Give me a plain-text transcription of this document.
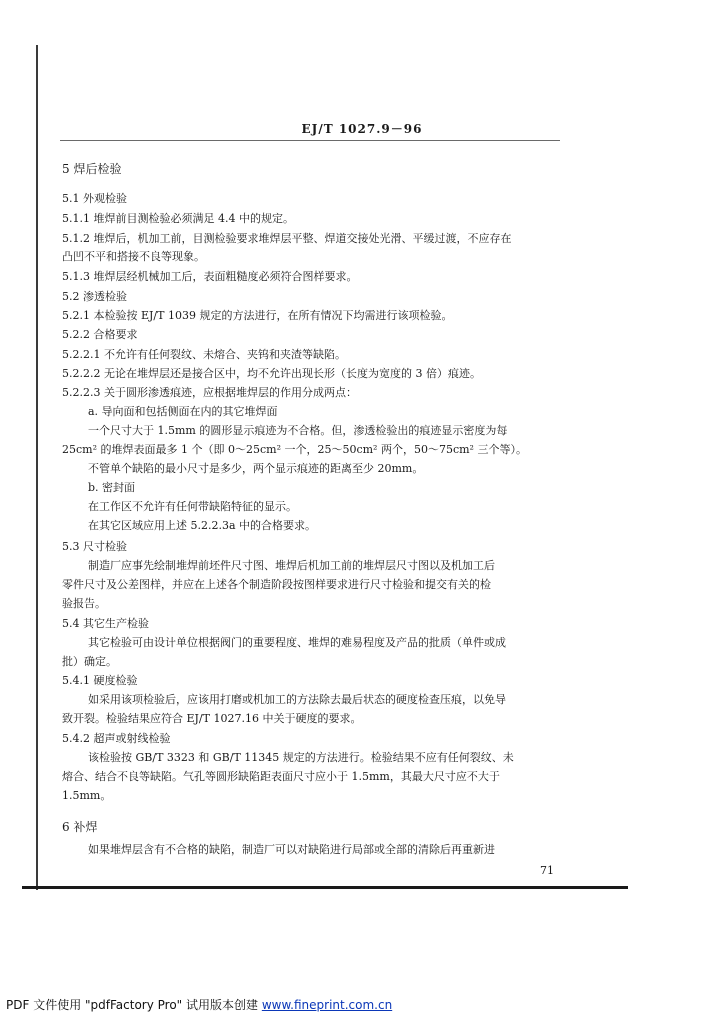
EJ/T 1027.9－96
5 焊后检验
5.1 外观检验
5.1.1 堆焊前目测检验必须满足 4.4 中的规定。
5.1.2 堆焊后，机加工前，目测检验要求堆焊层平整、焊道交接处光滑、平缓过渡，不应存在
凸凹不平和搭接不良等现象。
5.1.3 堆焊层经机械加工后，表面粗糙度必须符合图样要求。
5.2 渗透检验
5.2.1 本检验按 EJ/T 1039 规定的方法进行，在所有情况下均需进行该项检验。
5.2.2 合格要求
5.2.2.1 不允许有任何裂纹、未熔合、夹钨和夹渣等缺陷。
5.2.2.2 无论在堆焊层还是接合区中，均不允许出现长形（长度为宽度的 3 倍）痕迹。
5.2.2.3 关于圆形渗透痕迹，应根据堆焊层的作用分成两点：
a. 导向面和包括侧面在内的其它堆焊面
一个尺寸大于 1.5mm 的圆形显示痕迹为不合格。但，渗透检验出的痕迹显示密度为每
25cm² 的堆焊表面最多 1 个（即 0～25cm² 一个，25～50cm² 两个，50～75cm² 三个等）。
不管单个缺陷的最小尺寸是多少，两个显示痕迹的距离至少 20mm。
b. 密封面
在工作区不允许有任何带缺陷特征的显示。
在其它区域应用上述 5.2.2.3a 中的合格要求。
5.3 尺寸检验
制造厂应事先绘制堆焊前坯件尺寸图、堆焊后机加工前的堆焊层尺寸图以及机加工后
零件尺寸及公差图样，并应在上述各个制造阶段按图样要求进行尺寸检验和提交有关的检
验报告。
5.4 其它生产检验
其它检验可由设计单位根据阀门的重要程度、堆焊的难易程度及产品的批质（单件或成
批）确定。
5.4.1 硬度检验
如采用该项检验后，应该用打磨或机加工的方法除去最后状态的硬度检查压痕，以免导
致开裂。检验结果应符合 EJ/T 1027.16 中关于硬度的要求。
5.4.2 超声或射线检验
该检验按 GB/T 3323 和 GB/T 11345 规定的方法进行。检验结果不应有任何裂纹、未
熔合、结合不良等缺陷。气孔等圆形缺陷距表面尺寸应小于 1.5mm，其最大尺寸应不大于
1.5mm。
6 补焊
如果堆焊层含有不合格的缺陷，制造厂可以对缺陷进行局部或全部的清除后再重新进
71
PDF 文件使用 "pdfFactory Pro" 试用版本创建 www.fineprint.com.cn
